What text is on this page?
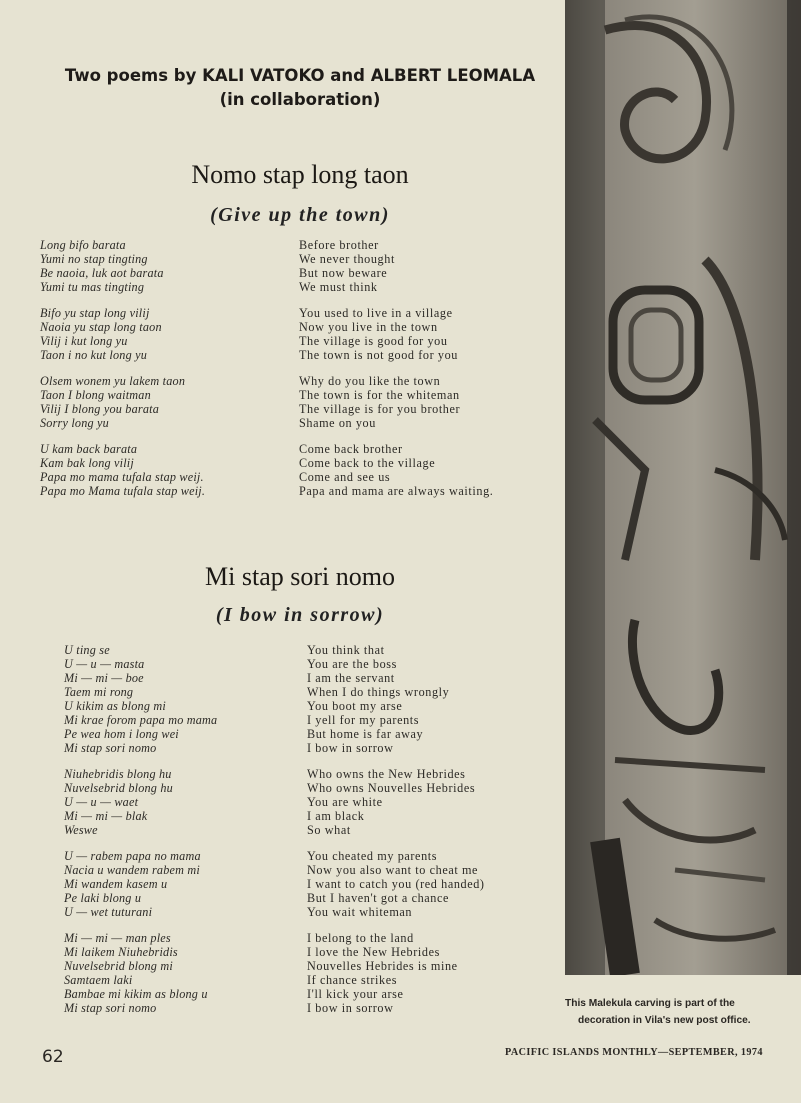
Two poems by KALI VATOKO and ALBERT LEOMALA
(in collaboration)
Nomo stap long taon
(Give up the town)
Long bifo barata
Yumi no stap tingting
Be naoia, luk aot barata
Yumi tu mas tingting
Bifo yu stap long vilij
Naoia yu stap long taon
Vilij i kut long yu
Taon i no kut long yu
Olsem wonem yu lakem taon
Taon I blong waitman
Vilij I blong you barata
Sorry long yu
U kam back barata
Kam bak long vilij
Papa mo mama tufala stap weij.
Papa mo Mama tufala stap weij.
Before brother
We never thought
But now beware
We must think
You used to live in a village
Now you live in the town
The village is good for you
The town is not good for you
Why do you like the town
The town is for the whiteman
The village is for you brother
Shame on you
Come back brother
Come back to the village
Come and see us
Papa and mama are always waiting.
Mi stap sori nomo
(I bow in sorrow)
U ting se
U — u — masta
Mi — mi — boe
Taem mi rong
U kikim as blong mi
Mi krae forom papa mo mama
Pe wea hom i long wei
Mi stap sori nomo
Niuhebridis blong hu
Nuvelsebrid blong hu
U — u — waet
Mi — mi — blak
Weswe
U — rabem papa no mama
Nacia u wandem rabem mi
Mi wandem kasem u
Pe laki blong u
U — wet tuturani
Mi — mi — man ples
Mi laikem Niuhebridis
Nuvelsebrid blong mi
Samtaem laki
Bambae mi kikim as blong u
Mi stap sori nomo
You think that
You are the boss
I am the servant
When I do things wrongly
You boot my arse
I yell for my parents
But home is far away
I bow in sorrow
Who owns the New Hebrides
Who owns Nouvelles Hebrides
You are white
I am black
So what
You cheated my parents
Now you also want to cheat me
I want to catch you (red handed)
But I haven't got a chance
You wait whiteman
I belong to the land
I love the New Hebrides
Nouvelles Hebrides is mine
If chance strikes
I'll kick your arse
I bow in sorrow	This Malekula carving is part of the
decoration in Vila's new post office.
62	PACIFIC ISLANDS MONTHLY—SEPTEMBER, 1974
